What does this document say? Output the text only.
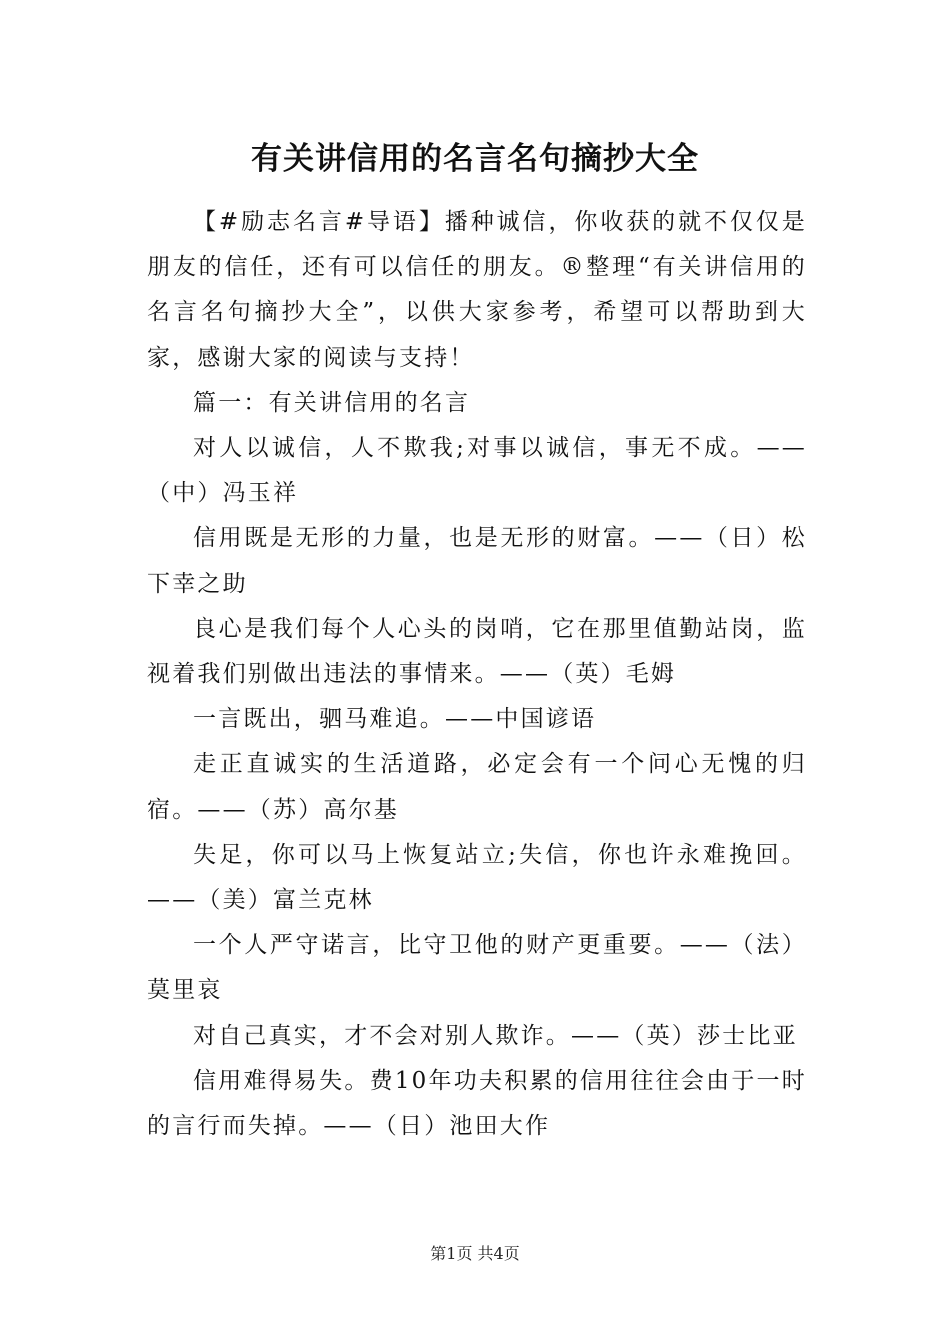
有关讲信用的名言名句摘抄大全

【#励志名言#导语】播种诚信，你收获的就不仅仅是朋友的信任，还有可以信任的朋友。®整理“有关讲信用的名言名句摘抄大全”，以供大家参考，希望可以帮助到大家，感谢大家的阅读与支持！

篇一：有关讲信用的名言

对人以诚信，人不欺我;对事以诚信，事无不成。——（中）冯玉祥

信用既是无形的力量，也是无形的财富。——（日）松下幸之助

良心是我们每个人心头的岗哨，它在那里值勤站岗，监视着我们别做出违法的事情来。——（英）毛姆

一言既出，驷马难追。——中国谚语

走正直诚实的生活道路，必定会有一个问心无愧的归宿。——（苏）高尔基

失足，你可以马上恢复站立;失信，你也许永难挽回。——（美）富兰克林

一个人严守诺言，比守卫他的财产更重要。——（法）莫里哀

对自己真实，才不会对别人欺诈。——（英）莎士比亚

信用难得易失。费10年功夫积累的信用往往会由于一时的言行而失掉。——（日）池田大作

第1页 共4页
